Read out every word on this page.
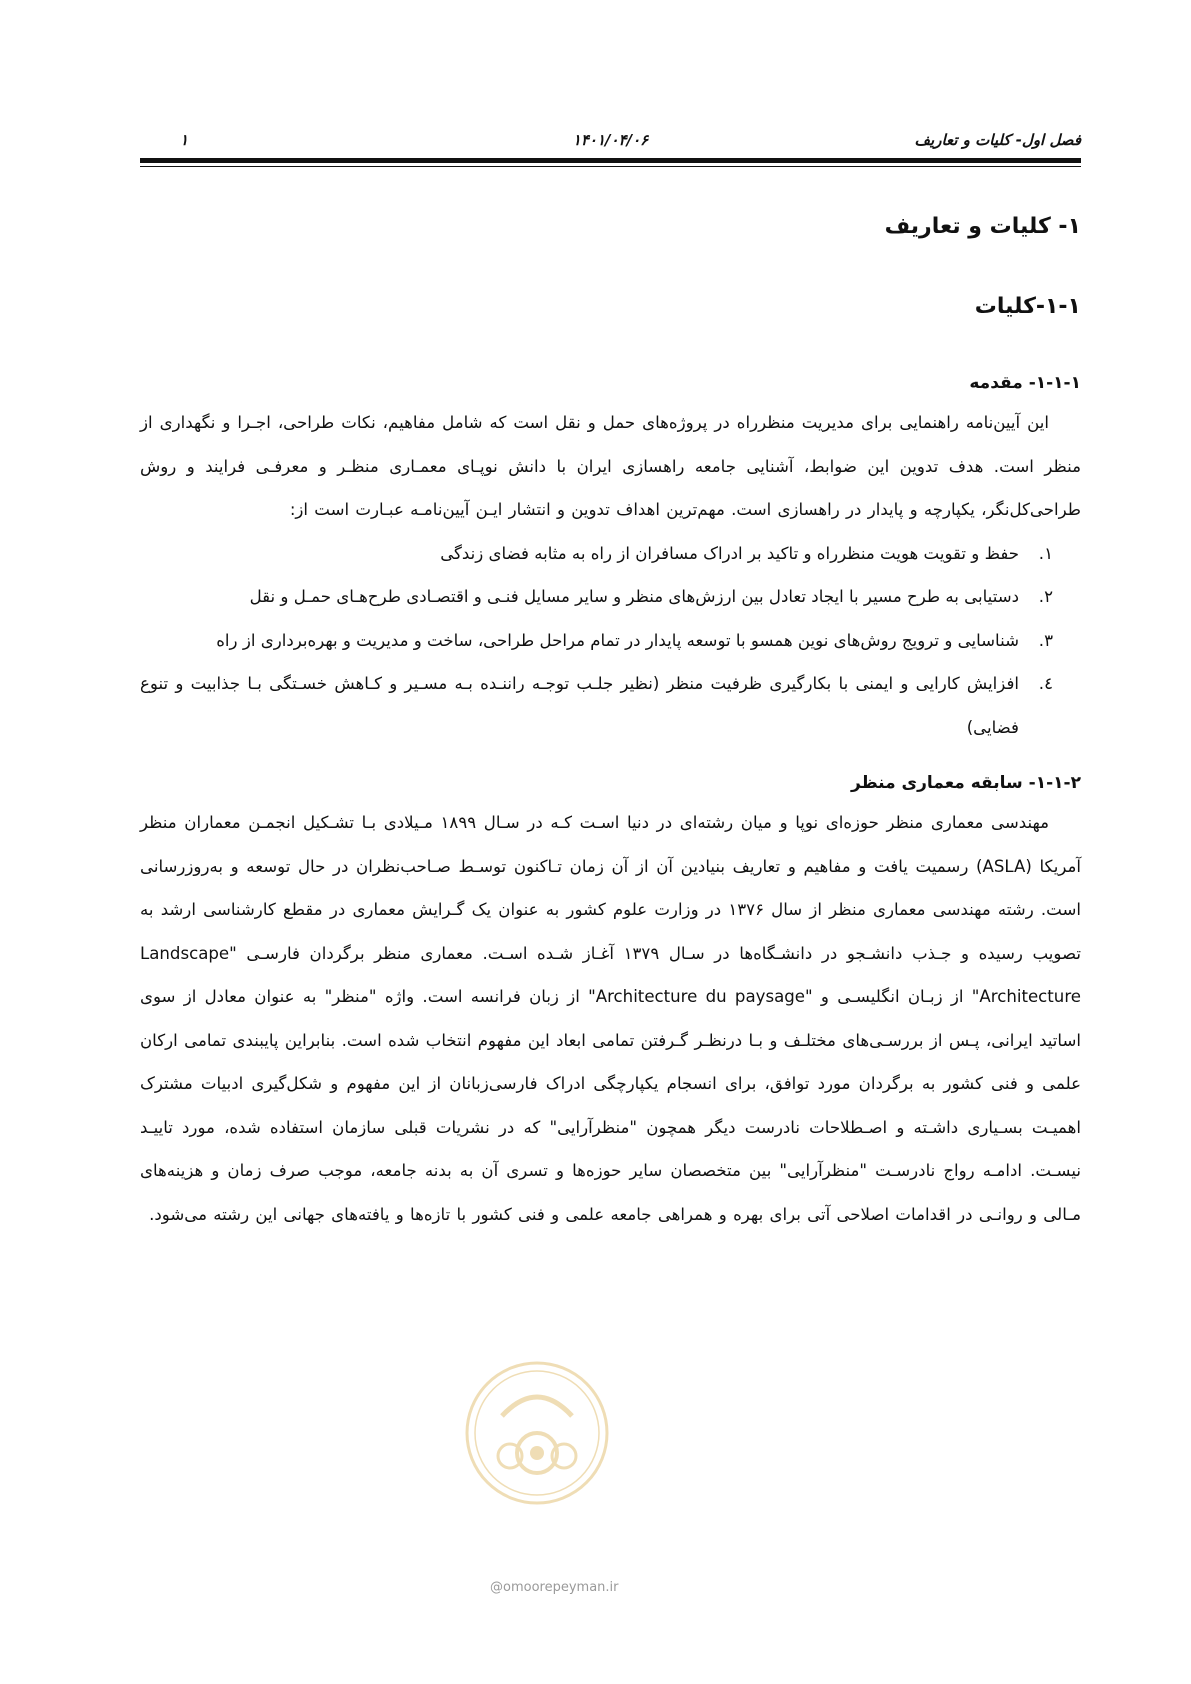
فصل اول- کلیات و تعاریف
۱۴۰۱/۰۴/۰۶
۱
۱- کلیات و تعاریف
۱-۱-کلیات
۱-۱-۱- مقدمه

این آیین‌نامه راهنمایی برای مدیریت منظرراه در پروژه‌های حمل و نقل است که شامل مفاهیم، نکات طراحی، اجـرا و نگهداری از منظر است. هدف تدوین این ضوابط، آشنایی جامعه راهسازی ایران با دانش نوپـای معمـاری منظـر و معرفـی فرایند و روش طراحی‌کل‌نگر، یکپارچه و پایدار در راهسازی است. مهم‌ترین اهداف تدوین و انتشار ایـن آیین‌نامـه عبـارت است از:

۱.
حفظ و تقویت هویت منظرراه و تاکید بر ادراک مسافران از راه به مثابه فضای زندگی
۲.
دستیابی به طرح مسیر با ایجاد تعادل بین ارزش‌های منظر و سایر مسایل فنـی و اقتصـادی طرح‌هـای حمـل و نقل
۳.
شناسایی و ترویج روش‌های نوین همسو با توسعه پایدار در تمام مراحل طراحی، ساخت و مدیریت و بهره‌برداری از راه
٤.
افزایش کارایی و ایمنی با بکارگیری ظرفیت منظر (نظیر جلـب توجـه راننـده بـه مسـیر و کـاهش خسـتگی بـا جذابیت و تنوع فضایی)
۱-۱-۲- سابقه معماری منظر

مهندسی معماری منظر حوزه‌ای نوپا و میان رشته‌ای در دنیا اسـت کـه در سـال ۱۸۹۹ مـیلادی بـا تشـکیل انجمـن معماران منظر آمریکا (ASLA) رسمیت یافت و مفاهیم و تعاریف بنیادین آن از آن زمان تـاکنون توسـط صـاحب‌نظران در حال توسعه و به‌روزرسانی است. رشته مهندسی معماری منظر از سال ۱۳۷۶ در وزارت علوم کشور به عنوان یک گـرایش معماری در مقطع کارشناسی ارشد به تصویب رسیده و جـذب دانشـجو در دانشـگاه‌ها در سـال ۱۳۷۹ آغـاز شـده اسـت. معماری منظر برگردان فارسـی "Landscape Architecture" از زبـان انگلیسـی و "Architecture du paysage" از زبان فرانسه است. واژه "منظر" به عنوان معادل از سوی اساتید ایرانی، پـس از بررسـی‌های مختلـف و بـا درنظـر گـرفتن تمامی ابعاد این مفهوم انتخاب شده است. بنابراین پایبندی تمامی ارکان علمی و فنی کشور به برگردان مورد توافق، برای انسجام یکپارچگی ادراک فارسی‌زبانان از این مفهوم و شکل‌گیری ادبیات مشترک اهمیـت بسـیاری داشـته و اصـطلاحات نادرست دیگر همچون "منظرآرایی" که در نشریات قبلی سازمان استفاده شده، مورد تاییـد نیسـت. ادامـه رواج نادرسـت "منظرآرایی" بین متخصصان سایر حوزه‌ها و تسری آن به بدنه جامعه، موجب صرف زمان و هزینه‌های مـالی و روانـی در اقدامات اصلاحی آتی برای بهره و همراهی جامعه علمی و فنی کشور با تازه‌ها و یافته‌های جهانی این رشته می‌شود.

@omoorepeyman.ir
